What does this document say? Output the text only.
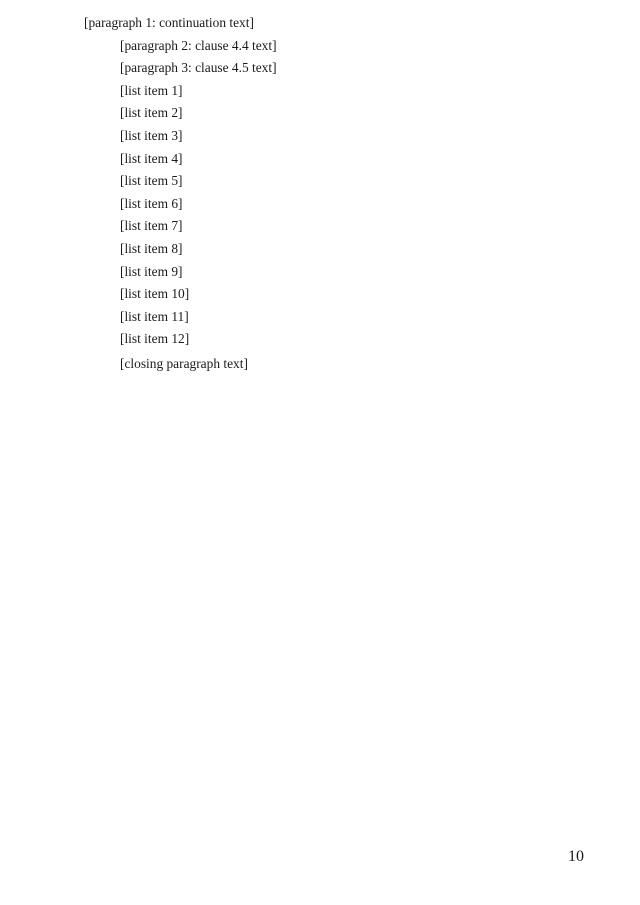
[paragraph 1: continuation text]

[paragraph 2: clause 4.4 text]

[paragraph 3: clause 4.5 text]

[list item 1]

[list item 2]

[list item 3]

[list item 4]

[list item 5]

[list item 6]

[list item 7]

[list item 8]

[list item 9]

[list item 10]

[list item 11]

[list item 12]

[closing paragraph text]

10
